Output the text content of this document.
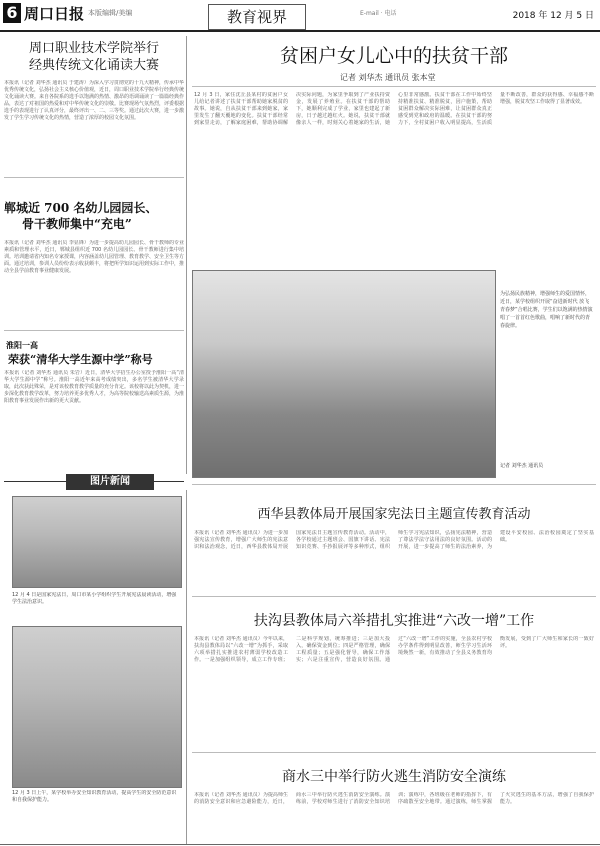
6 周口日报 本版编辑/美编	教育视界	E-mail · 电话	2018 年 12 月 5 日
周口职业技术学院举行
经典传统文化诵读大赛
本报讯（记者 刘华杰 通讯员 于建涛）为深入学习贯彻党的十九大精神，传承中华优秀传统文化，弘扬社会主义核心价值观，近日，周口职业技术学院举行经典传统文化诵读大赛。来自各院系的选手以饱满的热情、激昂的语调诵读了一篇篇经典作品，表达了对祖国的热爱和对中华传统文化的崇敬。比赛现场气氛热烈，评委根据选手的表现进行了认真评分，最终评出一、二、三等奖。通过此次大赛，进一步激发了学生学习传统文化的热情，营造了浓厚的校园文化氛围。
郸城近 700 名幼儿园园长、
骨干教师集中“充电”
本报讯（记者 刘华杰 通讯员 李显锋）为进一步提高幼儿园园长、骨干教师的专业素质和管理水平，近日，郸城县组织近 700 名幼儿园园长、骨干教师进行集中培训。培训邀请省内知名专家授课，内容涵盖幼儿园管理、教育教学、安全卫生等方面。通过培训，参训人员纷纷表示收获颇丰，将把所学知识运用到实际工作中，推动全县学前教育事业健康发展。
淮阳一高
荣获“清华大学生源中学”称号
本报讯（记者 刘华杰 通讯员 朱岩）近日，清华大学招生办公室授予淮阳一高“清华大学生源中学”称号。淮阳一高近年来高考成绩突出，多名学生被清华大学录取，此次获此殊荣，是对该校教育教学质量的充分肯定。该校将以此为契机，进一步深化教育教学改革，努力培养更多优秀人才，为高等院校输送高素质生源，为淮阳教育事业发展作出新的更大贡献。
图片新闻
12 月 4 日是国家宪法日，周口市某小学组织学生开展宪法晨读活动，增强学生法治意识。
12 月 3 日上午，某学校举办安全知识教育活动，提高学生的安全防范意识和自我保护能力。
贫困户女儿心中的扶贫干部
记者 刘华杰 通讯员 张本堂
12 月 3 日，家住沈丘县某村的贫困户女儿给记者讲述了扶贫干部帮助她家脱贫的故事。她说，自从扶贫干部来到她家，家里发生了翻天覆地的变化。扶贫干部经常到家里走访，了解家庭困难，帮助协调解决实际问题，为家里争取到了产业扶持资金，发展了养殖业。在扶贫干部的帮助下，她顺利完成了学业，家里也建起了新房，日子越过越红火。她说，扶贫干部就像亲人一样，时刻关心着她家的生活，她心里非常感激。扶贫干部在工作中始终坚持精准扶贫、精准脱贫，因户施策，帮助贫困群众解决实际困难，让贫困群众真正感受到党和政府的温暖。在扶贫干部的努力下，全村贫困户收入明显提高，生活质量不断改善，群众的获得感、幸福感不断增强，脱贫攻坚工作取得了显著成效。
为弘扬民族精神，增强师生的爱国情怀，近日，某学校组织开展“奋进新时代 放飞青春梦”合唱比赛，学生们以饱满的热情演唱了一首首红色歌曲，唱响了新时代的青春旋律。
记者 刘华杰 通讯员
西华县教体局开展国家宪法日主题宣传教育活动
本报讯（记者 刘华杰 通讯员）为进一步加强宪法宣传教育，增强广大师生的宪法意识和法治观念，近日，西华县教体局开展国家宪法日主题宣传教育活动。活动中，各学校通过主题班会、国旗下讲话、宪法知识竞赛、手抄报展评等多种形式，组织师生学习宪法知识，弘扬宪法精神，营造了尊法学法守法用法的良好氛围。活动的开展，进一步提高了师生的法治素养，为建设平安校园、法治校园奠定了坚实基础。
扶沟县教体局六举措扎实推进“六改一增”工作
本报讯（记者 刘华杰 通讯员）今年以来，扶沟县教体局以“六改一增”为抓手，采取六项举措扎实推进农村薄弱学校改造工作。一是加强组织领导，成立工作专班；二是科学规划，统筹推进；三是加大投入，确保资金到位；四是严格管理，确保工程质量；五是强化督导，确保工作落实；六是注重宣传，营造良好氛围。通过“六改一增”工作的实施，全县农村学校办学条件得到明显改善，师生学习生活环境焕然一新，有效推动了全县义务教育均衡发展，受到了广大师生和家长的一致好评。
商水三中举行防火逃生消防安全演练
本报讯（记者 刘华杰 通讯员）为提高师生的消防安全意识和应急避险能力，近日，商水三中举行防火逃生消防安全演练。演练前，学校对师生进行了消防安全知识培训；演练中，各班级在老师的指挥下，有序疏散至安全地带。通过演练，师生掌握了火灾逃生的基本方法，增强了自我保护能力。
